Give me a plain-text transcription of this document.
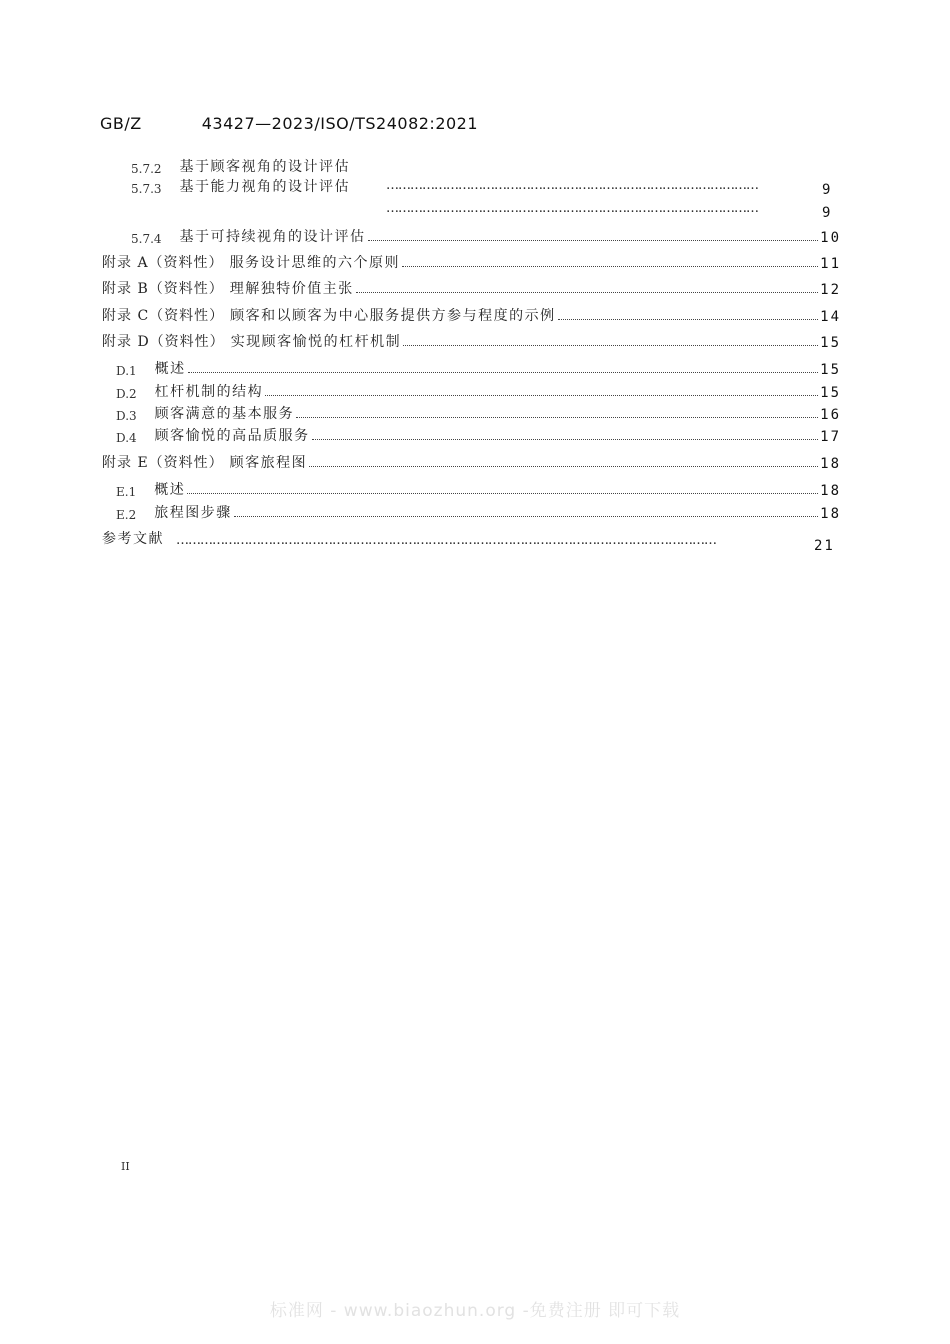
GB/Z	43427—2023/ISO/TS24082:2021
5.7.2 基于顾客视角的设计评估
5.7.3 基于能力视角的设计评估	…………………………………………………………………………………	9
…………………………………………………………………………………	9
5.7.4 基于可持续视角的设计评估	10
附录 A（资料性） 服务设计思维的六个原则	11
附录 B（资料性） 理解独特价值主张	12
附录 C（资料性） 顾客和以顾客为中心服务提供方参与程度的示例	14
附录 D（资料性） 实现顾客愉悦的杠杆机制	15
D.1 概述	15
D.2 杠杆机制的结构	15
D.3 顾客满意的基本服务	16
D.4 顾客愉悦的高品质服务	17
附录 E（资料性） 顾客旅程图	18
E.1 概述	18
E.2 旅程图步骤	18
参考文献 ………………………………………………………………………………………………………………………	21
II
标准网 - www.biaozhun.org -免费注册 即可下载
